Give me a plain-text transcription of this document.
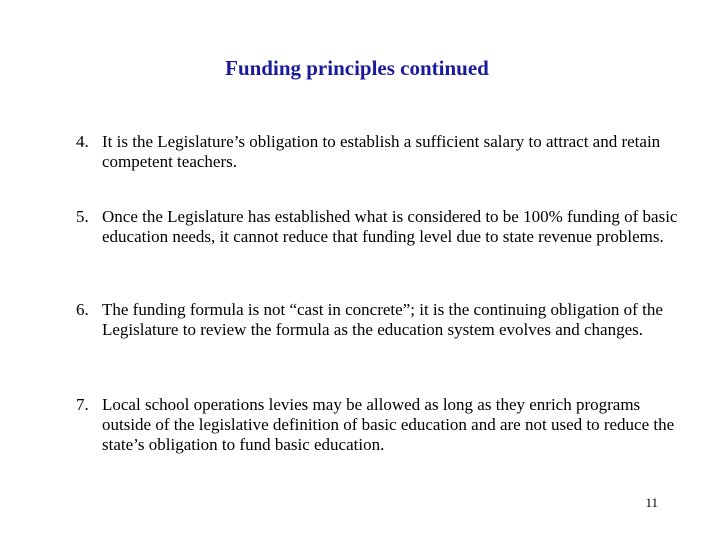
Funding principles continued
4. It is the Legislature’s obligation to establish a sufficient salary to attract and retain competent teachers.
5. Once the Legislature has established what is considered to be 100% funding of basic education needs, it cannot reduce that funding level due to state revenue problems.
6. The funding formula is not “cast in concrete”; it is the continuing obligation of the Legislature to review the formula as the education system evolves and changes.
7. Local school operations levies may be allowed as long as they enrich programs outside of the legislative definition of basic education and are not used to reduce the state’s obligation to fund basic education.

11
